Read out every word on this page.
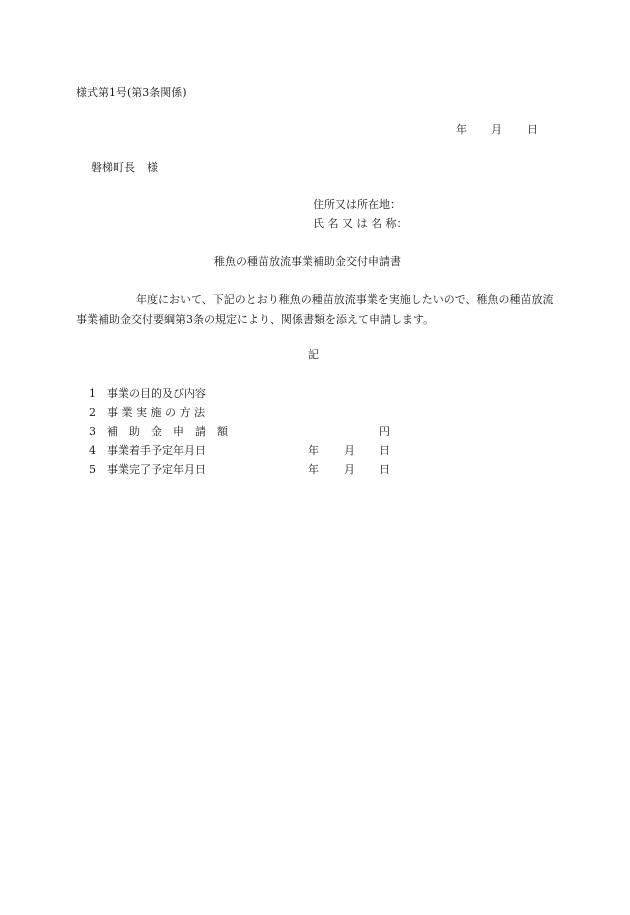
様式第1号(第3条関係)
年 月 日
磐梯町長 様
住所又は所在地：
氏 名 又 は 名 称：
稚魚の種苗放流事業補助金交付申請書
年度において、下記のとおり稚魚の種苗放流事業を実施したいので、稚魚の種苗放流事業補助金交付要綱第3条の規定により、関係書類を添えて申請します。
記
1 事業の目的及び内容
2 事 業 実 施 の 方 法
3 補　助　金　申　請　額	円
4 事業着手予定年月日	年 月 日
5 事業完了予定年月日	年 月 日
